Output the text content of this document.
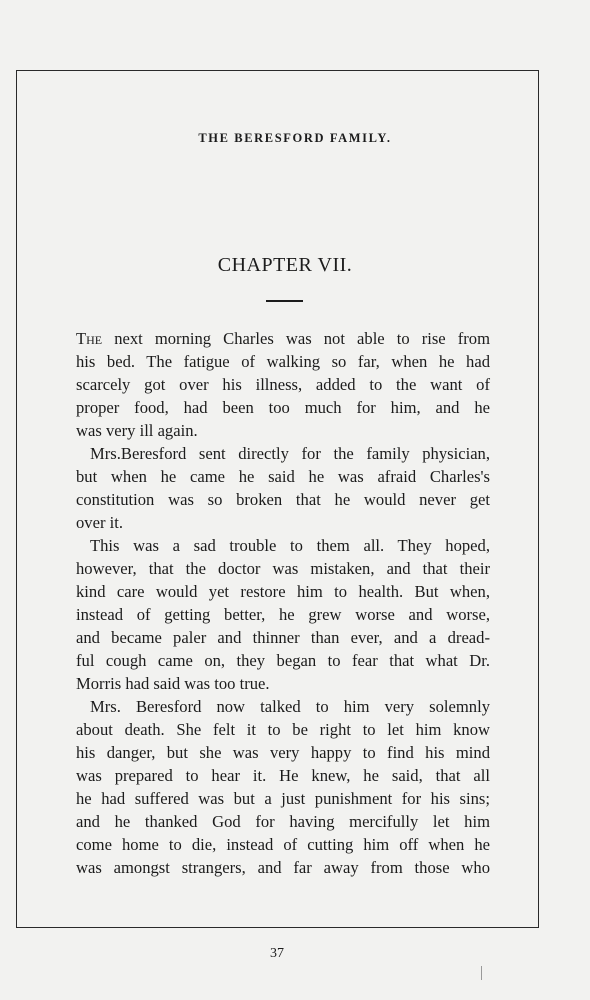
THE BERESFORD FAMILY.
CHAPTER VII.
The next morning Charles was not able to rise from
his bed. The fatigue of walking so far, when he had
scarcely got over his illness, added to the want of
proper food, had been too much for him, and he
was very ill again.
Mrs.Beresford sent directly for the family physician,
but when he came he said he was afraid Charles's
constitution was so broken that he would never get
over it.
This was a sad trouble to them all. They hoped,
however, that the doctor was mistaken, and that their
kind care would yet restore him to health. But when,
instead of getting better, he grew worse and worse,
and became paler and thinner than ever, and a dread-
ful cough came on, they began to fear that what Dr.
Morris had said was too true.
Mrs. Beresford now talked to him very solemnly
about death. She felt it to be right to let him know
his danger, but she was very happy to find his mind
was prepared to hear it. He knew, he said, that all
he had suffered was but a just punishment for his sins;
and he thanked God for having mercifully let him
come home to die, instead of cutting him off when he
was amongst strangers, and far away from those who
37
